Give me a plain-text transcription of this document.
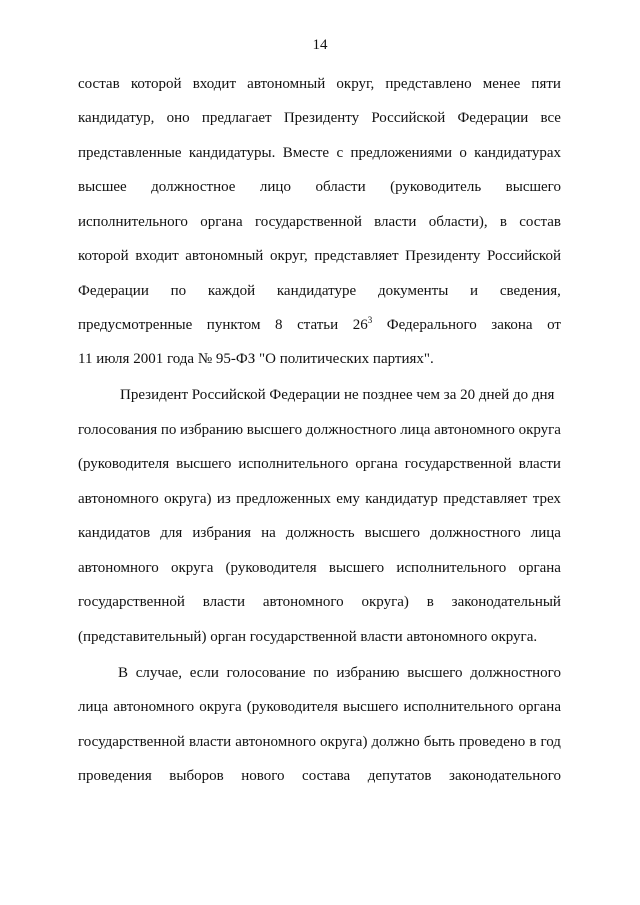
14
состав которой входит автономный округ, представлено менее пяти
кандидатур, оно предлагает Президенту Российской Федерации все
представленные кандидатуры. Вместе с предложениями о кандидатурах
высшее должностное лицо области (руководитель высшего
исполнительного органа государственной власти области), в состав
которой входит автономный округ, представляет Президенту Российской
Федерации по каждой кандидатуре документы и сведения,
предусмотренные пунктом 8 статьи $26^3$ Федерального закона от
11 июля 2001 года № 95-ФЗ "О политических партиях".
Президент Российской Федерации не позднее чем за 20 дней до дня
голосования по избранию высшего должностного лица автономного округа
(руководителя высшего исполнительного органа государственной власти
автономного округа) из предложенных ему кандидатур представляет трех
кандидатов для избрания на должность высшего должностного лица
автономного округа (руководителя высшего исполнительного органа
государственной власти автономного округа) в законодательный
(представительный) орган государственной власти автономного округа.
В случае, если голосование по избранию высшего должностного
лица автономного округа (руководителя высшего исполнительного органа
государственной власти автономного округа) должно быть проведено в год
проведения выборов нового состава депутатов законодательного
